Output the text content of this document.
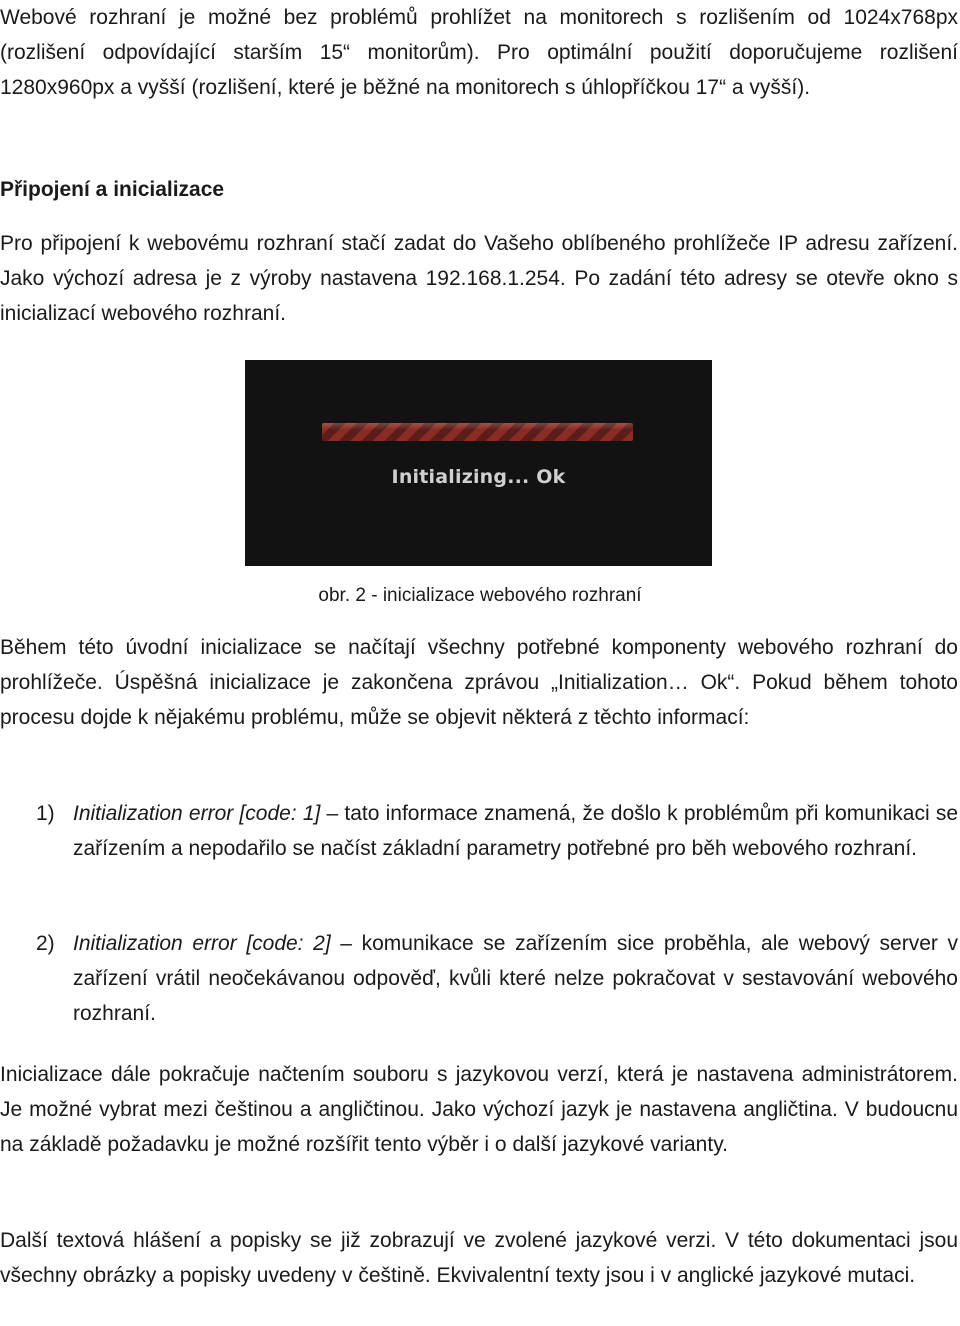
Webové rozhraní je možné bez problémů prohlížet na monitorech s rozlišením od 1024x768px (rozlišení odpovídající starším 15“ monitorům). Pro optimální použití doporučujeme rozlišení 1280x960px a vyšší (rozlišení, které je běžné na monitorech s úhlopříčkou 17“ a vyšší).

Připojení a inicializace

Pro připojení k webovému rozhraní stačí zadat do Vašeho oblíbeného prohlížeče IP adresu zařízení. Jako výchozí adresa je z výroby nastavena 192.168.1.254. Po zadání této adresy se otevře okno s inicializací webového rozhraní.

Initializing... Ok
obr. 2 - inicializace webového rozhraní

Během této úvodní inicializace se načítají všechny potřebné komponenty webového rozhraní do prohlížeče. Úspěšná inicializace je zakončena zprávou „Initialization… Ok“. Pokud během tohoto procesu dojde k nějakému problému, může se objevit některá z těchto informací:

1) Initialization error [code: 1] – tato informace znamená, že došlo k problémům při komunikaci se zařízením a nepodařilo se načíst základní parametry potřebné pro běh webového rozhraní.

2) Initialization error [code: 2] – komunikace se zařízením sice proběhla, ale webový server v zařízení vrátil neočekávanou odpověď, kvůli které nelze pokračovat v sestavování webového rozhraní.

Inicializace dále pokračuje načtením souboru s jazykovou verzí, která je nastavena administrátorem. Je možné vybrat mezi češtinou a angličtinou. Jako výchozí jazyk je nastavena angličtina. V budoucnu na základě požadavku je možné rozšířit tento výběr i o další jazykové varianty.

Další textová hlášení a popisky se již zobrazují ve zvolené jazykové verzi. V této dokumentaci jsou všechny obrázky a popisky uvedeny v češtině. Ekvivalentní texty jsou i v anglické jazykové mutaci.
